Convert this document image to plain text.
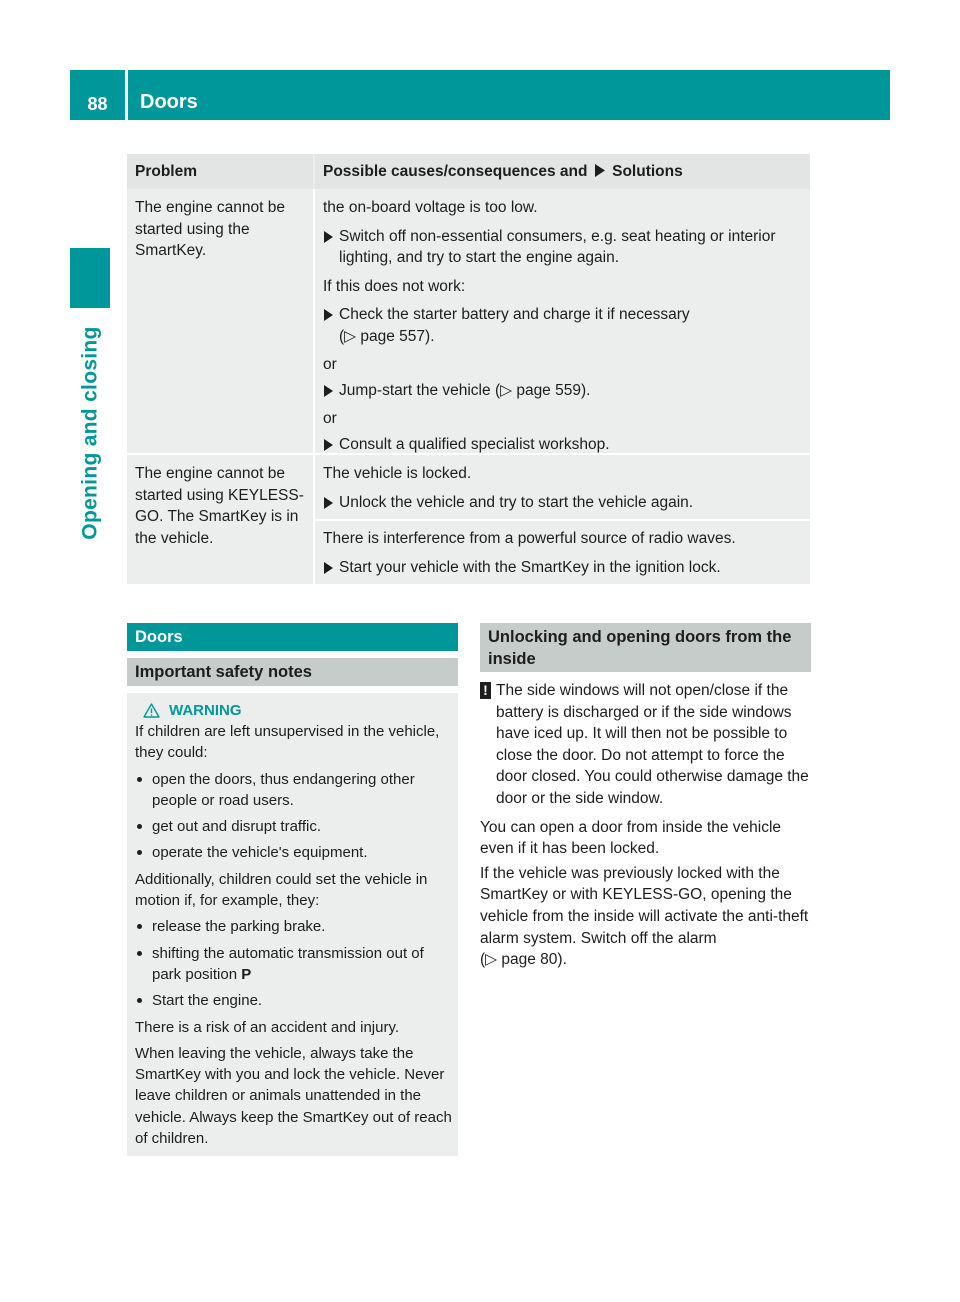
88	Doors
Opening and closing
Problem	Possible causes/consequences and Solutions
The engine cannot be started using the SmartKey.
the on-board voltage is too low.
Switch off non-essential consumers, e.g. seat heating or interior lighting, and try to start the engine again.
If this does not work:
Check the starter battery and charge it if necessary
(▷ page 557).
or
Jump-start the vehicle (▷ page 559).
or
Consult a qualified specialist workshop.
The engine cannot be started using KEYLESS-GO. The SmartKey is in the vehicle.
The vehicle is locked.
Unlock the vehicle and try to start the vehicle again.
There is interference from a powerful source of radio waves.
Start your vehicle with the SmartKey in the ignition lock.
Doors
Important safety notes
WARNING
If children are left unsupervised in the vehicle, they could:
open the doors, thus endangering other people or road users.
get out and disrupt traffic.
operate the vehicle's equipment.
Additionally, children could set the vehicle in motion if, for example, they:
release the parking brake.
shifting the automatic transmission out of park position P
Start the engine.
There is a risk of an accident and injury.
When leaving the vehicle, always take the SmartKey with you and lock the vehicle. Never leave children or animals unattended in the vehicle. Always keep the SmartKey out of reach of children.
Unlocking and opening doors from the inside
! The side windows will not open/close if the battery is discharged or if the side windows have iced up. It will then not be possible to close the door. Do not attempt to force the door closed. You could otherwise damage the door or the side window.
You can open a door from inside the vehicle even if it has been locked.
If the vehicle was previously locked with the SmartKey or with KEYLESS-GO, opening the vehicle from the inside will activate the anti-theft alarm system. Switch off the alarm
(▷ page 80).
